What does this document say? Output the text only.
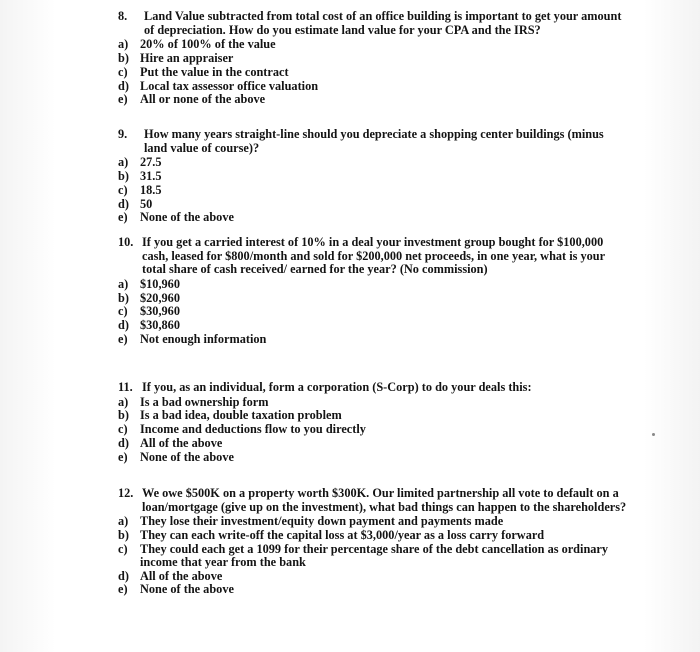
8.	Land Value subtracted from total cost of an office building is important to get your amount of depreciation. How do you estimate land value for your CPA and the IRS?
a) 20% of 100% of the value
b) Hire an appraiser
c)	Put the value in the contract
d) Local tax assessor office valuation
e)	All or none of the above
9.	How many years straight-line should you depreciate a shopping center buildings (minus land value of course)?
a) 27.5
b) 31.5
c)	18.5
d) 50
e)	None of the above
10. If you get a carried interest of 10% in a deal your investment group bought for $100,000 cash, leased for $800/month and sold for $200,000 net proceeds, in one year, what is your total share of cash received/ earned for the year? (No commission)
a) $10,960
b) $20,960
c)	$30,960
d) $30,860
e)	Not enough information
11. If you, as an individual, form a corporation (S-Corp) to do your deals this:
a) Is a bad ownership form
b) Is a bad idea, double taxation problem
c)	Income and deductions flow to you directly
d) All of the above
e)	None of the above
12. We owe $500K on a property worth $300K. Our limited partnership all vote to default on a loan/mortgage (give up on the investment), what bad things can happen to the shareholders?
a) They lose their investment/equity down payment and payments made
b) They can each write-off the capital loss at $3,000/year as a loss carry forward
c)	They could each get a 1099 for their percentage share of the debt cancellation as ordinary income that year from the bank
d) All of the above
e)	None of the above
